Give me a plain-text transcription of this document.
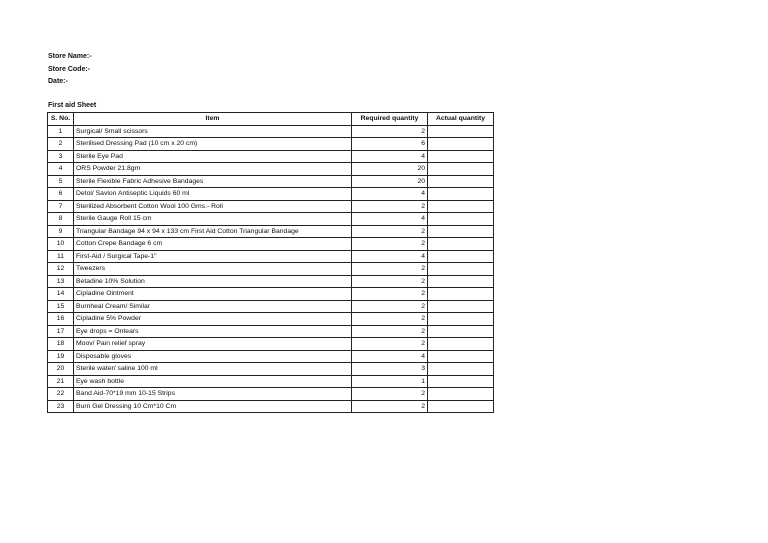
Store Name:-
Store Code:-
Date:-
First aid Sheet
S. No.	Item	Required quantity	Actual quantity
1	Surgical/ Small scissors	2	
2	Sterilised Dressing Pad (10 cm x 20 cm)	6	
3	Sterile Eye Pad	4	
4	ORS Powder 21.8gm	20	
5	Sterile Flexible Fabric Adhesive Bandages	20	
6	Detol/ Savlon Antiseptic Liquids 60 ml	4	
7	Sterilized Absorbent Cotton Wool 100 Gms.- Roll	2	
8	Sterile Gauge Roll 15 cm	4	
9	Triangular Bandage 94 x 94 x 133 cm First Aid Cotton Triangular Bandage	2	
10	Cotton Crepe Bandage 6 cm	2	
11	First-Aid / Surgical Tape-1"	4	
12	Tweezers	2	
13	Betadine 10% Solution	2	
14	Cipladine Ointment	2	
15	Burnheal Cream/ Similar	2	
16	Cipladine 5% Powder	2	
17	Eye drops = Ontears	2	
18	Moov/ Pain relief spray	2	
19	Disposable gloves	4	
20	Sterile water/ saline 100 ml	3	
21	Eye wash bottle	1	
22	Band Aid-70*19 mm 10-15 Strips	2	
23	Burn Gel Dressing 10 Cm*10 Cm	2	
